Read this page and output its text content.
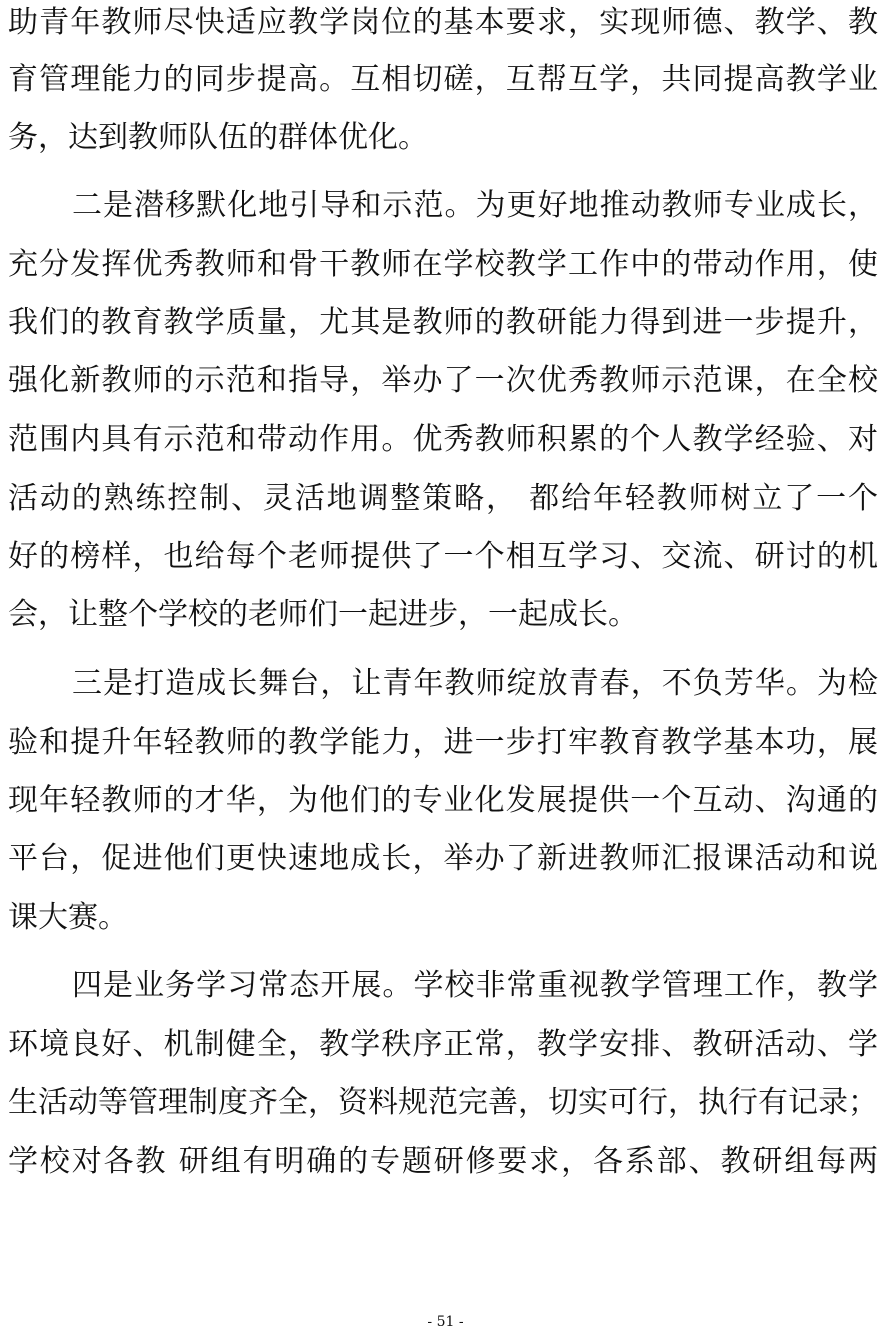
助青年教师尽快适应教学岗位的基本要求，实现师德、教学、教
育管理能力的同步提高。互相切磋，互帮互学，共同提高教学业
务，达到教师队伍的群体优化。
二是潜移默化地引导和示范。为更好地推动教师专业成长，
充分发挥优秀教师和骨干教师在学校教学工作中的带动作用，使
我们的教育教学质量，尤其是教师的教研能力得到进一步提升，
强化新教师的示范和指导，举办了一次优秀教师示范课，在全校
范围内具有示范和带动作用。优秀教师积累的个人教学经验、对
活动的熟练控制、灵活地调整策略， 都给年轻教师树立了一个
好的榜样，也给每个老师提供了一个相互学习、交流、研讨的机
会，让整个学校的老师们一起进步，一起成长。
三是打造成长舞台，让青年教师绽放青春，不负芳华。为检
验和提升年轻教师的教学能力，进一步打牢教育教学基本功，展
现年轻教师的才华，为他们的专业化发展提供一个互动、沟通的
平台，促进他们更快速地成长，举办了新进教师汇报课活动和说
课大赛。
四是业务学习常态开展。学校非常重视教学管理工作，教学
环境良好、机制健全，教学秩序正常，教学安排、教研活动、学
生活动等管理制度齐全，资料规范完善，切实可行，执行有记录；
学校对各教 研组有明确的专题研修要求，各系部、教研组每两
- 51 -
